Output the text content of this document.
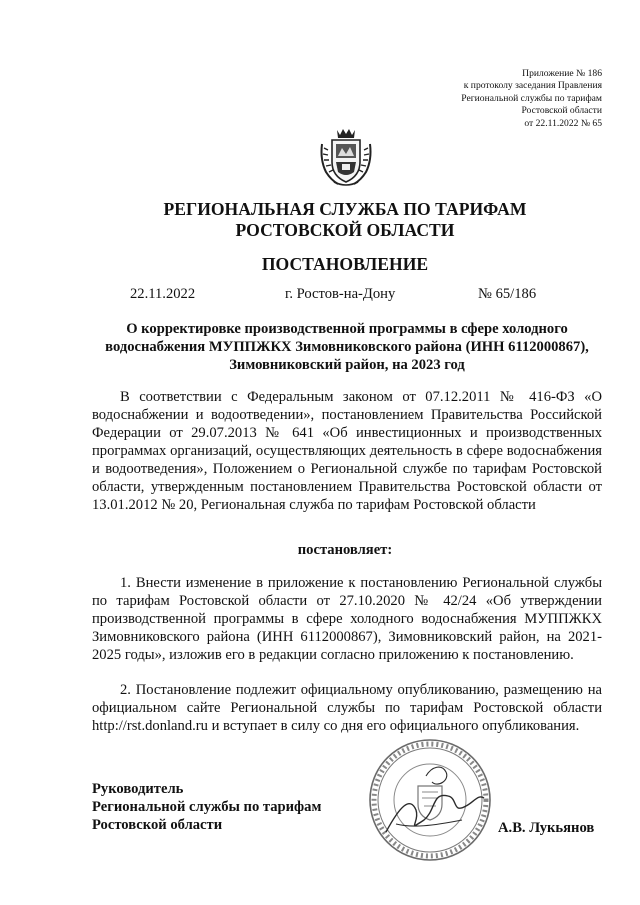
Приложение № 186
к протоколу заседания Правления
Региональной службы по тарифам
Ростовской области
от 22.11.2022 № 65
РЕГИОНАЛЬНАЯ СЛУЖБА ПО ТАРИФАМ
РОСТОВСКОЙ ОБЛАСТИ
ПОСТАНОВЛЕНИЕ
22.11.2022	г. Ростов-на-Дону	№ 65/186
О корректировке производственной программы в сфере холодного
водоснабжения МУППЖКХ Зимовниковского района (ИНН 6112000867),
Зимовниковский район, на 2023 год

В соответствии с Федеральным законом от 07.12.2011 № 416-ФЗ «О водоснабжении и водоотведении», постановлением Правительства Российской Федерации от 29.07.2013 № 641 «Об инвестиционных и производственных программах организаций, осуществляющих деятельность в сфере водоснабжения и водоотведения», Положением о Региональной службе по тарифам Ростовской области, утвержденным постановлением Правительства Ростовской области от 13.01.2012 № 20, Региональная служба по тарифам Ростовской области

постановляет:

1. Внести изменение в приложение к постановлению Региональной службы по тарифам Ростовской области от 27.10.2020 № 42/24 «Об утверждении производственной программы в сфере холодного водоснабжения МУППЖКХ Зимовниковского района (ИНН 6112000867), Зимовниковский район, на 2021-2025 годы», изложив его в редакции согласно приложению к постановлению.

2. Постановление подлежит официальному опубликованию, размещению на официальном сайте Региональной службы по тарифам Ростовской области http://rst.donland.ru и вступает в силу со дня его официального опубликования.

Руководитель
Региональной службы по тарифам
Ростовской области	А.В. Лукьянов
